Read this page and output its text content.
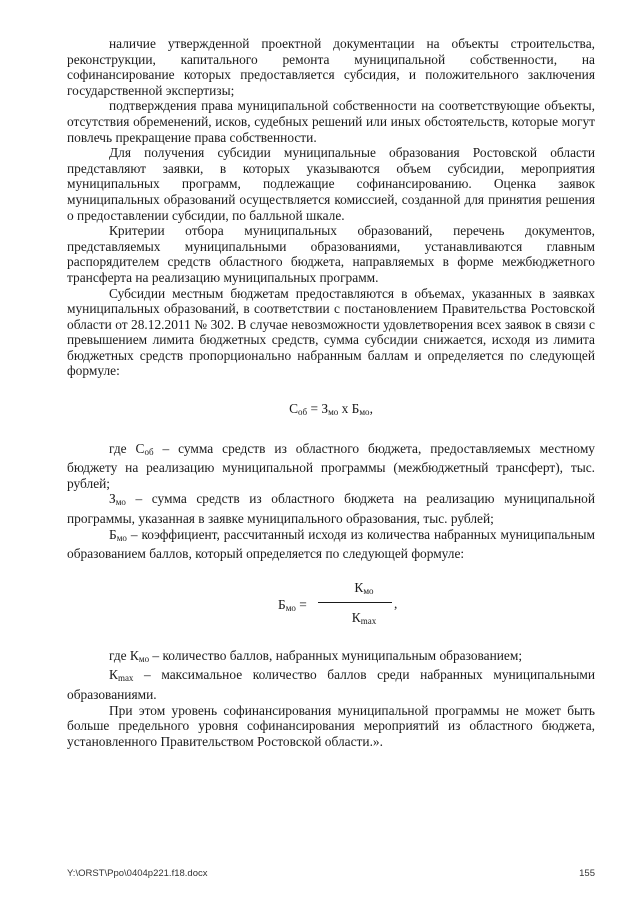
наличие утвержденной проектной документации на объекты строительства, реконструкции, капитального ремонта муниципальной собственности, на софинансирование которых предоставляется субсидия, и положительного заключения государственной экспертизы;

подтверждения права муниципальной собственности на соответствующие объекты, отсутствия обременений, исков, судебных решений или иных обстоятельств, которые могут повлечь прекращение права собственности.

Для получения субсидии муниципальные образования Ростовской области представляют заявки, в которых указываются объем субсидии, мероприятия муниципальных программ, подлежащие софинансированию. Оценка заявок муниципальных образований осуществляется комиссией, созданной для принятия решения о предоставлении субсидии, по балльной шкале.

Критерии отбора муниципальных образований, перечень документов, представляемых муниципальными образованиями, устанавливаются главным распорядителем средств областного бюджета, направляемых в форме межбюджетного трансферта на реализацию муниципальных программ.

Субсидии местным бюджетам предоставляются в объемах, указанных в заявках муниципальных образований, в соответствии с постановлением Правительства Ростовской области от 28.12.2011 № 302. В случае невозможности удовлетворения всех заявок в связи с превышением лимита бюджетных средств, сумма субсидии снижается, исходя из лимита бюджетных средств пропорционально набранным баллам и определяется по следующей формуле:

$С_{об} = З_{мо}$ х $Б_{мо}$,

где $С_{об}$ – сумма средств из областного бюджета, предоставляемых местному бюджету на реализацию муниципальной программы (межбюджетный трансферт), тыс. рублей;

$З_{мо}$ – сумма средств из областного бюджета на реализацию муниципальной программы, указанная в заявке муниципального образования, тыс. рублей;

$Б_{мо}$ – коэффициент, рассчитанный исходя из количества набранных муниципальным образованием баллов, который определяется по следующей формуле:

$Б_{мо}$ =
$К_{мо}$
$К_{max}$
,

где $К_{мо}$ – количество баллов, набранных муниципальным образованием;

$К_{max}$ – максимальное количество баллов среди набранных муниципальными образованиями.

При этом уровень софинансирования муниципальной программы не может быть больше предельного уровня софинансирования мероприятий из областного бюджета, установленного Правительством Ростовской области.».

Y:\ORST\Ppo\0404p221.f18.docx	155
